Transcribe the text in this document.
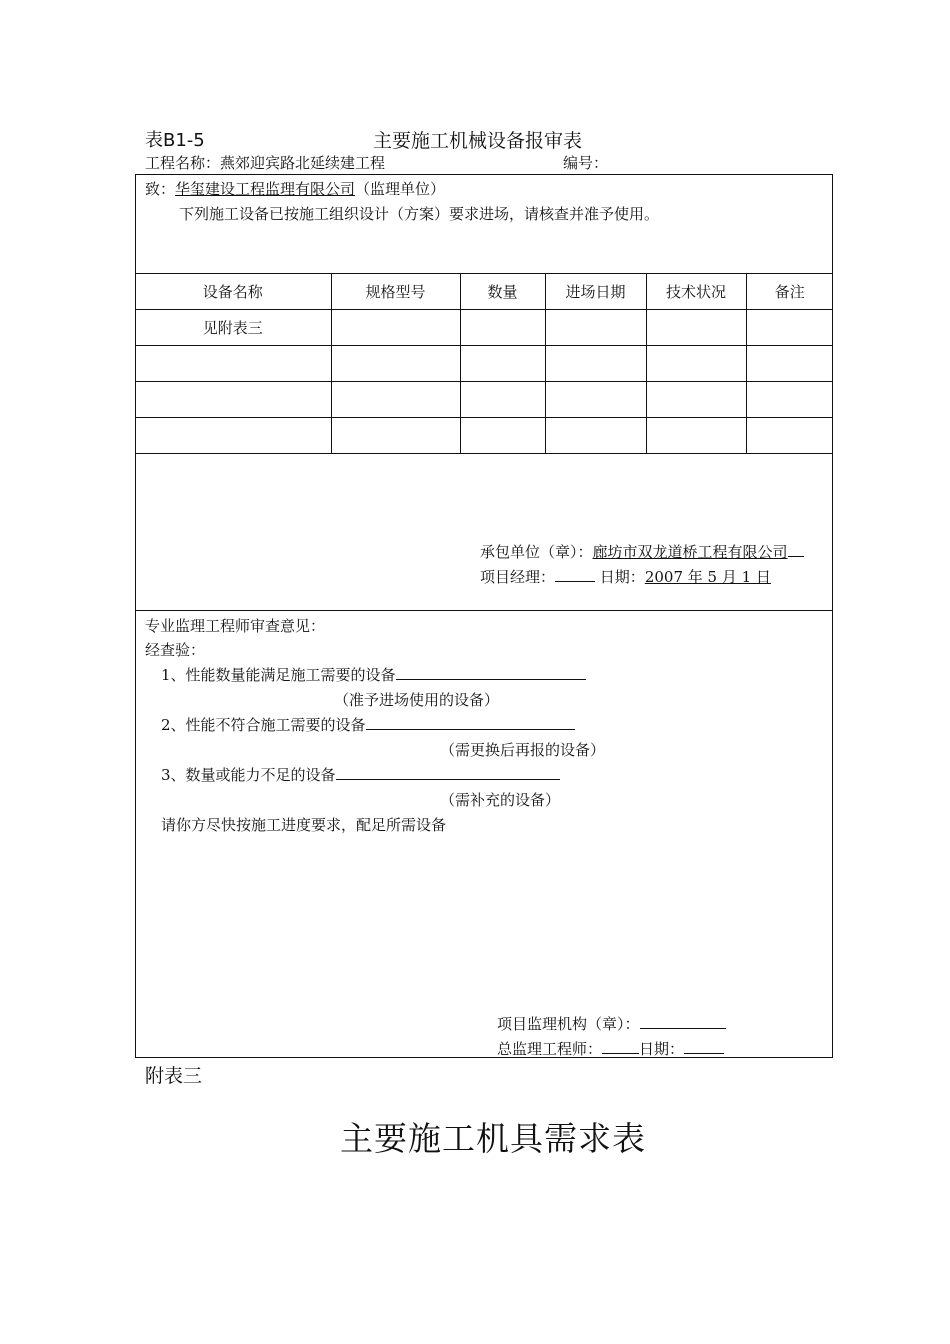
表B1-5	主要施工机械设备报审表
工程名称：燕郊迎宾路北延续建工程	编号：
致：华玺建设工程监理有限公司（监理单位）
下列施工设备已按施工组织设计（方案）要求进场，请核查并准予使用。
设备名称	规格型号	数量	进场日期	技术状况	备注
见附表三					

承包单位（章）：廊坊市双龙道桥工程有限公司
项目经理：	日期：2007 年 5 月 1 日
专业监理工程师审查意见：
经查验：
1、性能数量能满足施工需要的设备
（准予进场使用的设备）
2、性能不符合施工需要的设备
（需更换后再报的设备）
3、数量或能力不足的设备
（需补充的设备）
请你方尽快按施工进度要求，配足所需设备
项目监理机构（章）：
总监理工程师： 日期：
附表三
主要施工机具需求表
